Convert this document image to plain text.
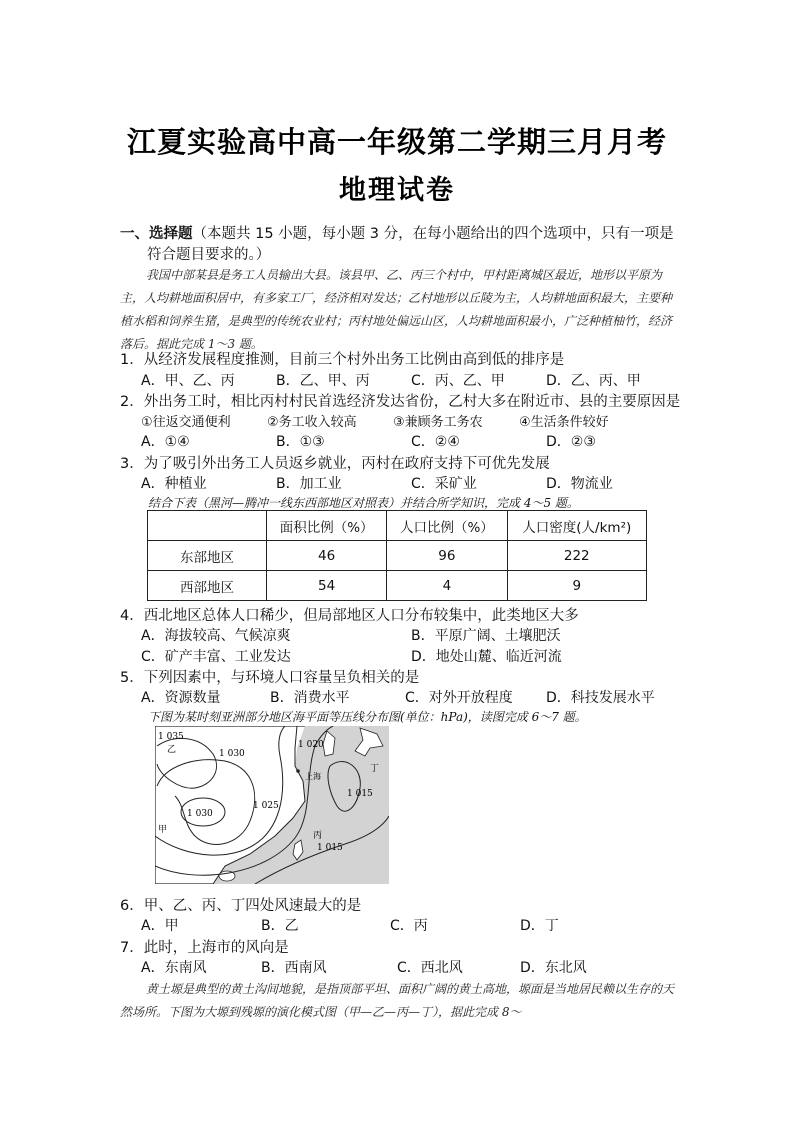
江夏实验高中高一年级第二学期三月月考
地理试卷
一、选择题（本题共 15 小题，每小题 3 分，在每小题给出的四个选项中，只有一项是
符合题目要求的。）
我国中部某县是务工人员输出大县。该县甲、乙、丙三个村中，甲村距离城区最近，地形以平原为主，人均耕地面积居中，有多家工厂，经济相对发达；乙村地形以丘陵为主，人均耕地面积最大，主要种植水稻和饲养生猪，是典型的传统农业村；丙村地处偏远山区，人均耕地面积最小，广泛种植柚竹，经济落后。据此完成 1～3 题。
1．从经济发展程度推测，目前三个村外出务工比例由高到低的排序是
A．甲、乙、丙	B．乙、甲、丙	C．丙、乙、甲	D．乙、丙、甲
2．外出务工时，相比丙村村民首选经济发达省份，乙村大多在附近市、县的主要原因是
①往返交通便利	②务工收入较高	③兼顾务工务农	④生活条件较好
A．①④	B．①③	C．②④	D．②③
3．为了吸引外出务工人员返乡就业，丙村在政府支持下可优先发展
A．种植业	B．加工业	C．采矿业	D．物流业
结合下表（黑河—腾冲一线东西部地区对照表）并结合所学知识，完成 4～5 题。
	面积比例（%）	人口比例（%）	人口密度(人/km²)
东部地区	46	96	222
西部地区	54	4	9
4．西北地区总体人口稀少，但局部地区人口分布较集中，此类地区大多
A．海拔较高、气候凉爽	B．平原广阔、土壤肥沃
C．矿产丰富、工业发达	D．地处山麓、临近河流
5．下列因素中，与环境人口容量呈负相关的是
A．资源数量	B．消费水平	C．对外开放程度 D．科技发展水平
下图为某时刻亚洲部分地区海平面等压线分布图(单位：hPa)，读图完成 6～7 题。
1 035
乙	1 030
1 020
丁
上海
1 015
1 025
1 030
甲
丙
1 015
6．甲、乙、丙、丁四处风速最大的是
A．甲	B．乙	C．丙	D．丁
7．此时，上海市的风向是
A．东南风	B．西南风	C．西北风	D．东北风
黄土塬是典型的黄土沟间地貌，是指顶部平坦、面积广阔的黄土高地，塬面是当地居民赖以生存的天然场所。下图为大塬到残塬的演化模式图（甲—乙—丙—丁），据此完成 8～
